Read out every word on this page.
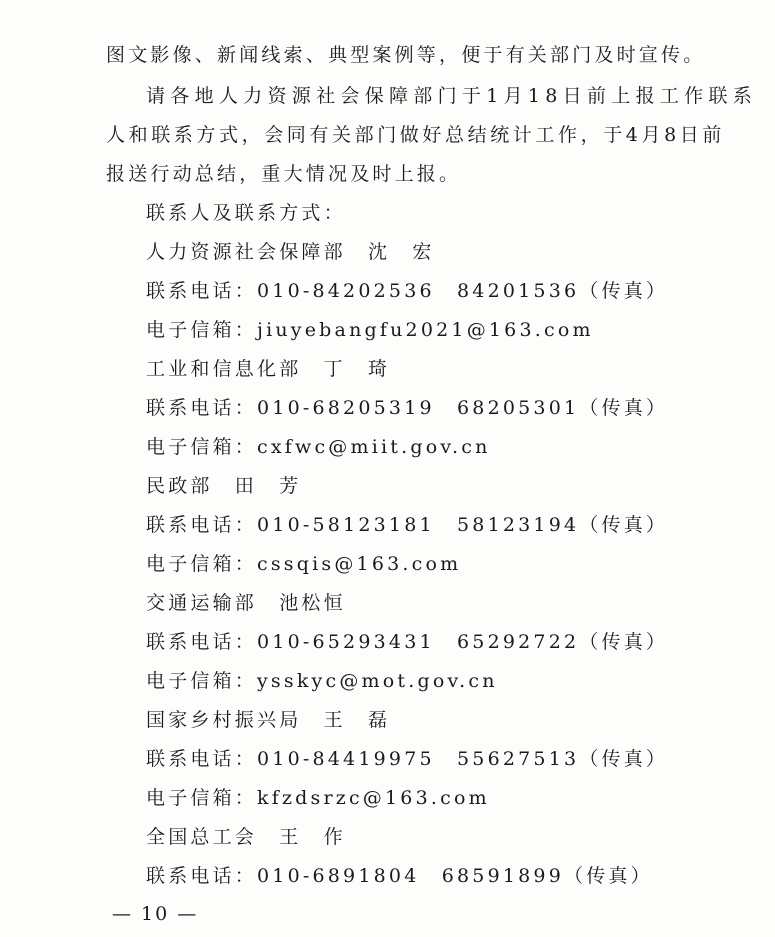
图文影像、新闻线索、典型案例等，便于有关部门及时宣传。
请各地人力资源社会保障部门于1月18日前上报工作联系
人和联系方式，会同有关部门做好总结统计工作，于4月8日前
报送行动总结，重大情况及时上报。
联系人及联系方式：
人力资源社会保障部　沈　宏
联系电话：010-84202536　84201536（传真）
电子信箱：jiuyebangfu2021@163.com
工业和信息化部　丁　琦
联系电话：010-68205319　68205301（传真）
电子信箱：cxfwc@miit.gov.cn
民政部　田　芳
联系电话：010-58123181　58123194（传真）
电子信箱：cssqis@163.com
交通运输部　池松恒
联系电话：010-65293431　65292722（传真）
电子信箱：ysskyc@mot.gov.cn
国家乡村振兴局　王　磊
联系电话：010-84419975　55627513（传真）
电子信箱：kfzdsrzc@163.com
全国总工会　王　作
联系电话：010-6891804　68591899（传真）
— 10 —
